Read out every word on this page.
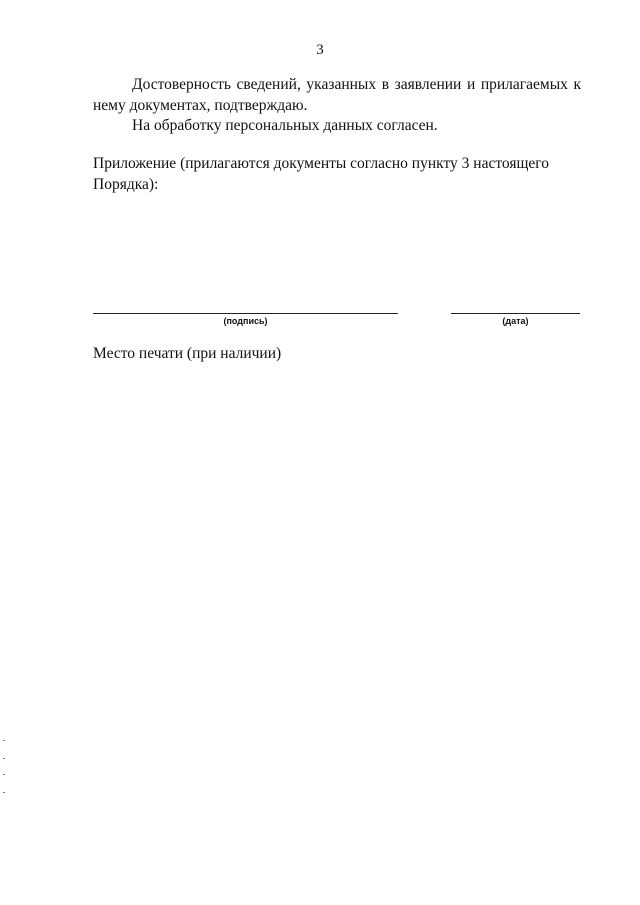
3

Достоверность сведений, указанных в заявлении и прилагаемых к нему документах, подтверждаю.

На обработку персональных данных согласен.

Приложение (прилагаются документы согласно пункту 3 настоящего Порядка):

(подпись)	(дата)

Место печати (при наличии)
